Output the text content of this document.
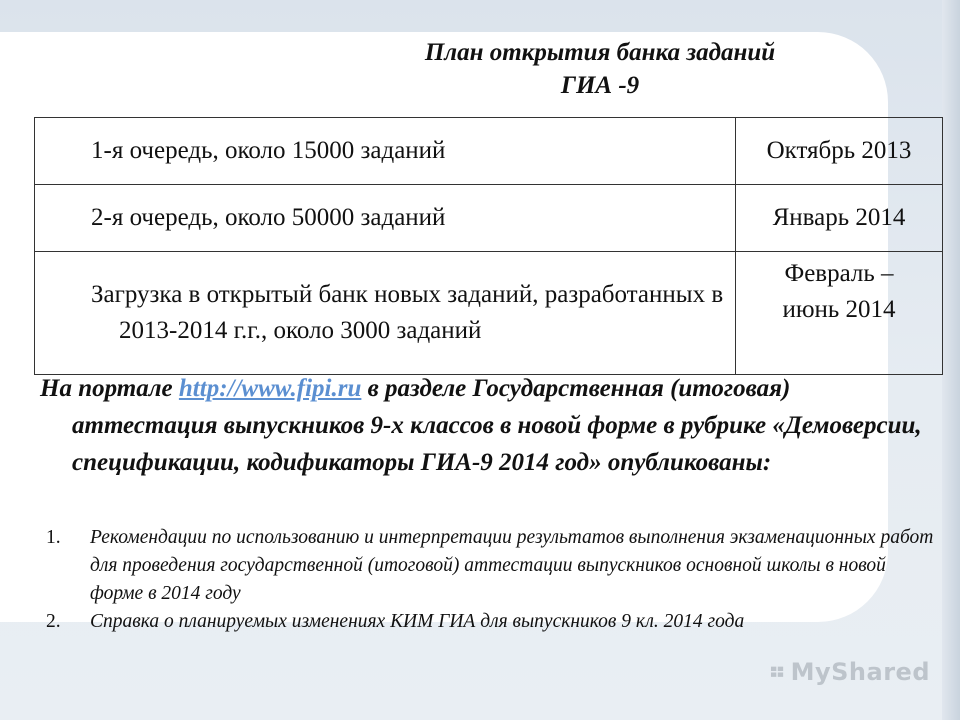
План открытия банка заданий
ГИА -9
1-я очередь, около 15000 заданий	Октябрь 2013

2-я очередь, около 50000 заданий	Январь 2014

Загрузка в открытый банк новых заданий, разработанных в 2013-2014 г.г., около 3000 заданий	Февраль –
июнь 2014
На портале http://www.fipi.ru в разделе Государственная (итоговая) аттестация выпускников 9-х классов в новой форме в рубрике «Демоверсии, спецификации, кодификаторы ГИА-9 2014 год» опубликованы:
1. Рекомендации по использованию и интерпретации результатов выполнения экзаменационных работ для проведения государственной (итоговой) аттестации выпускников основной школы в новой форме в 2014 году
2. Справка о планируемых изменениях КИМ ГИА для выпускников 9 кл. 2014 года
MyShared
